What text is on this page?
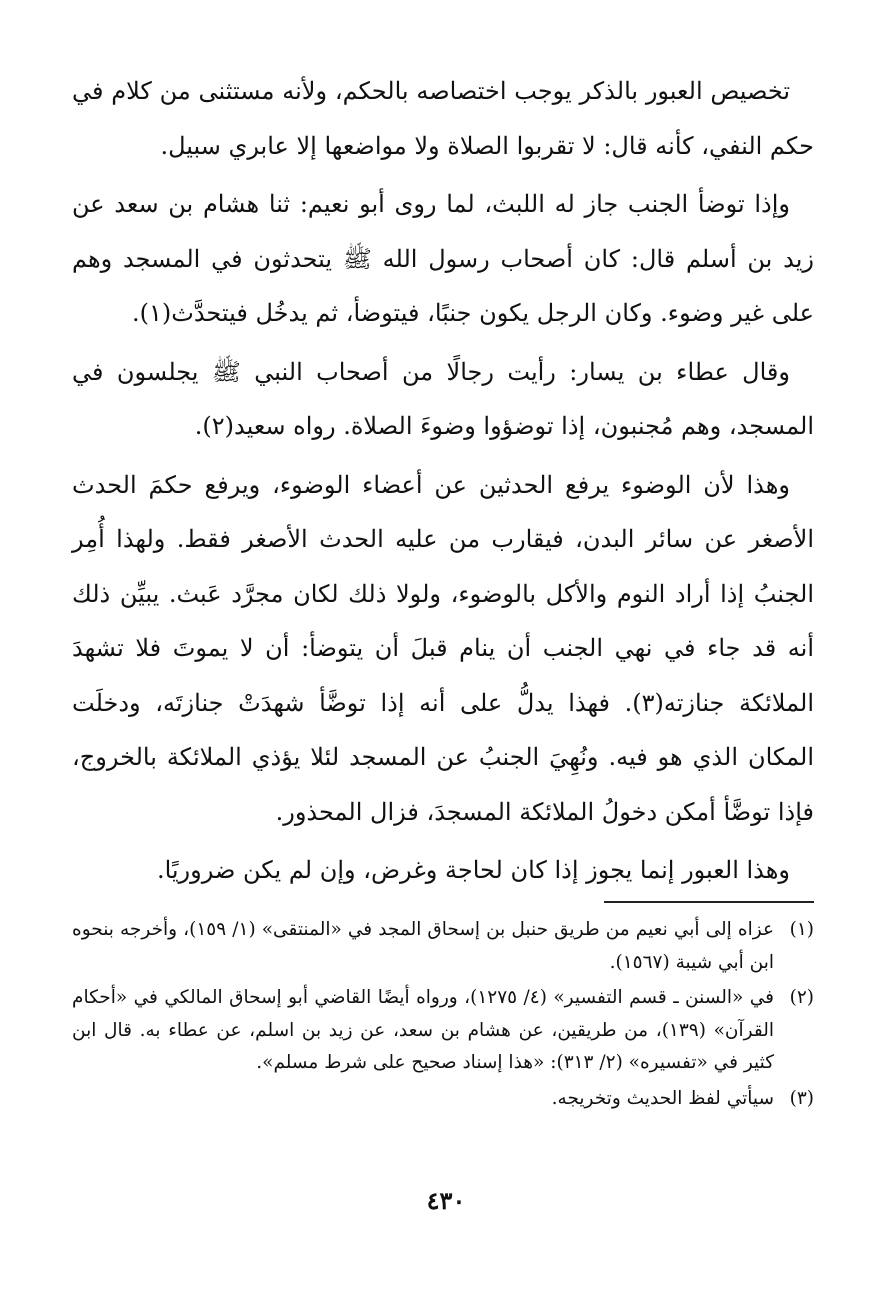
تخصيص العبور بالذكر يوجب اختصاصه بالحكم، ولأنه مستثنى من كلام في حكم النفي، كأنه قال: لا تقربوا الصلاة ولا مواضعها إلا عابري سبيل.

وإذا توضأ الجنب جاز له اللبث، لما روى أبو نعيم: ثنا هشام بن سعد عن زيد بن أسلم قال: كان أصحاب رسول الله ﷺ يتحدثون في المسجد وهم على غير وضوء. وكان الرجل يكون جنبًا، فيتوضأ، ثم يدخُل فيتحدَّث(١).

وقال عطاء بن يسار: رأيت رجالًا من أصحاب النبي ﷺ يجلسون في المسجد، وهم مُجنبون، إذا توضؤوا وضوءَ الصلاة. رواه سعيد(٢).

وهذا لأن الوضوء يرفع الحدثين عن أعضاء الوضوء، ويرفع حكمَ الحدث الأصغر عن سائر البدن، فيقارب من عليه الحدث الأصغر فقط. ولهذا أُمِر الجنبُ إذا أراد النوم والأكل بالوضوء، ولولا ذلك لكان مجرَّد عَبث. يبيِّن ذلك أنه قد جاء في نهي الجنب أن ينام قبلَ أن يتوضأ: أن لا يموتَ فلا تشهدَ الملائكة جنازته(٣). فهذا يدلُّ على أنه إذا توضَّأ شهدَتْ جنازتَه، ودخلَت المكان الذي هو فيه. ونُهِيَ الجنبُ عن المسجد لئلا يؤذي الملائكة بالخروج، فإذا توضَّأ أمكن دخولُ الملائكة المسجدَ، فزال المحذور.

وهذا العبور إنما يجوز إذا كان لحاجة وغرض، وإن لم يكن ضروريًا.

(١)
عزاه إلى أبي نعيم من طريق حنبل بن إسحاق المجد في «المنتقى» (١/ ١٥٩)، وأخرجه بنحوه ابن أبي شيبة (١٥٦٧).

(٢)
في «السنن ـ قسم التفسير» (٤/ ١٢٧٥)، ورواه أيضًا القاضي أبو إسحاق المالكي في «أحكام القرآن» (١٣٩)، من طريقين، عن هشام بن سعد، عن زيد بن اسلم، عن عطاء به. قال ابن كثير في «تفسيره» (٢/ ٣١٣): «هذا إسناد صحيح على شرط مسلم».

(٣)
سيأتي لفظ الحديث وتخريجه.

٤٣٠
